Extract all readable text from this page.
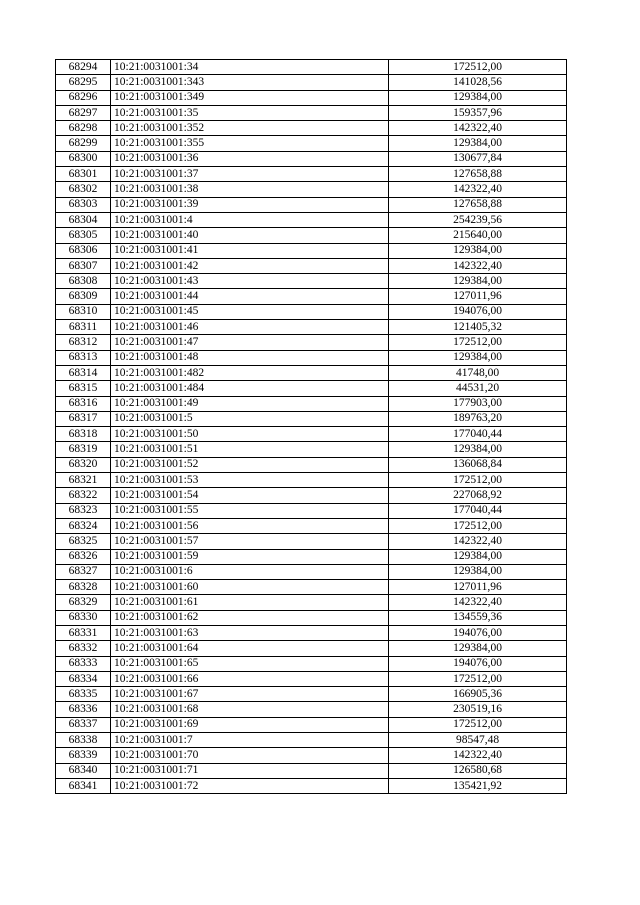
68294	10:21:0031001:34	172512,00
68295	10:21:0031001:343	141028,56
68296	10:21:0031001:349	129384,00
68297	10:21:0031001:35	159357,96
68298	10:21:0031001:352	142322,40
68299	10:21:0031001:355	129384,00
68300	10:21:0031001:36	130677,84
68301	10:21:0031001:37	127658,88
68302	10:21:0031001:38	142322,40
68303	10:21:0031001:39	127658,88
68304	10:21:0031001:4	254239,56
68305	10:21:0031001:40	215640,00
68306	10:21:0031001:41	129384,00
68307	10:21:0031001:42	142322,40
68308	10:21:0031001:43	129384,00
68309	10:21:0031001:44	127011,96
68310	10:21:0031001:45	194076,00
68311	10:21:0031001:46	121405,32
68312	10:21:0031001:47	172512,00
68313	10:21:0031001:48	129384,00
68314	10:21:0031001:482	41748,00
68315	10:21:0031001:484	44531,20
68316	10:21:0031001:49	177903,00
68317	10:21:0031001:5	189763,20
68318	10:21:0031001:50	177040,44
68319	10:21:0031001:51	129384,00
68320	10:21:0031001:52	136068,84
68321	10:21:0031001:53	172512,00
68322	10:21:0031001:54	227068,92
68323	10:21:0031001:55	177040,44
68324	10:21:0031001:56	172512,00
68325	10:21:0031001:57	142322,40
68326	10:21:0031001:59	129384,00
68327	10:21:0031001:6	129384,00
68328	10:21:0031001:60	127011,96
68329	10:21:0031001:61	142322,40
68330	10:21:0031001:62	134559,36
68331	10:21:0031001:63	194076,00
68332	10:21:0031001:64	129384,00
68333	10:21:0031001:65	194076,00
68334	10:21:0031001:66	172512,00
68335	10:21:0031001:67	166905,36
68336	10:21:0031001:68	230519,16
68337	10:21:0031001:69	172512,00
68338	10:21:0031001:7	98547,48
68339	10:21:0031001:70	142322,40
68340	10:21:0031001:71	126580,68
68341	10:21:0031001:72	135421,92
